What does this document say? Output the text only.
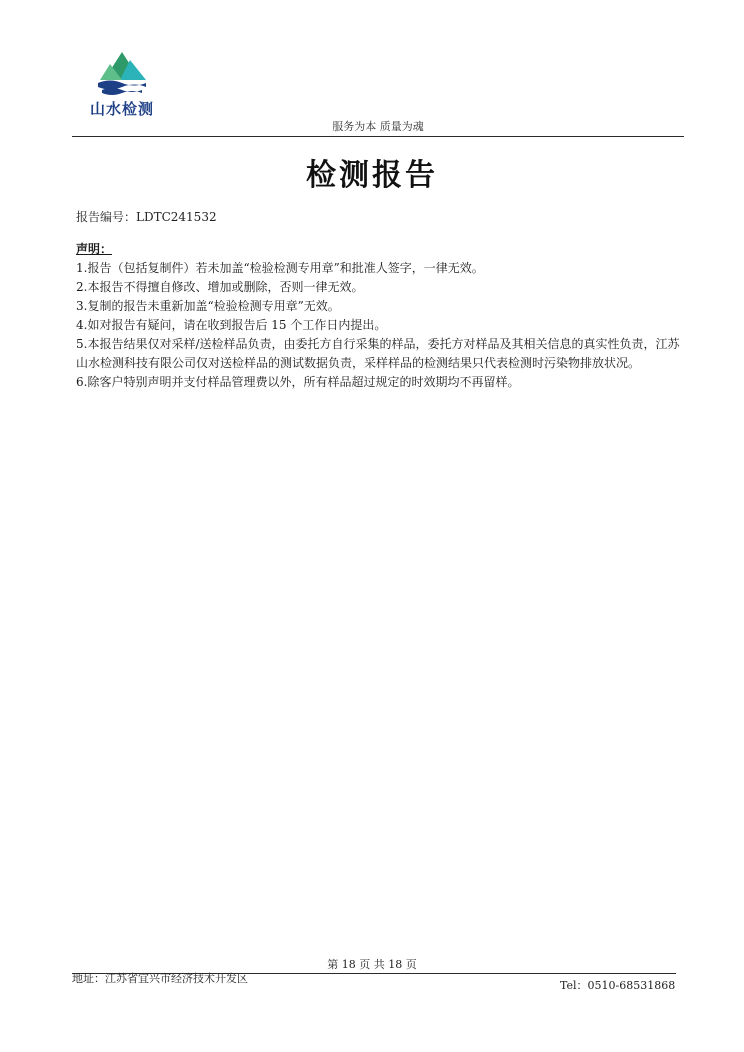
山水检测
服务为本 质量为魂
检测报告
报告编号：LDTC241532
声明：

1.报告（包括复制件）若未加盖“检验检测专用章”和批准人签字，一律无效。

2.本报告不得擅自修改、增加或删除，否则一律无效。

3.复制的报告未重新加盖“检验检测专用章”无效。

4.如对报告有疑问，请在收到报告后 15 个工作日内提出。

5.本报告结果仅对采样/送检样品负责，由委托方自行采集的样品，委托方对样品及其相关信息的真实性负责，江苏山水检测科技有限公司仅对送检样品的测试数据负责，采样样品的检测结果只代表检测时污染物排放状况。

6.除客户特别声明并支付样品管理费以外，所有样品超过规定的时效期均不再留样。

第 18 页 共 18 页
地址：江苏省宜兴市经济技术开发区
Tel：0510-68531868
